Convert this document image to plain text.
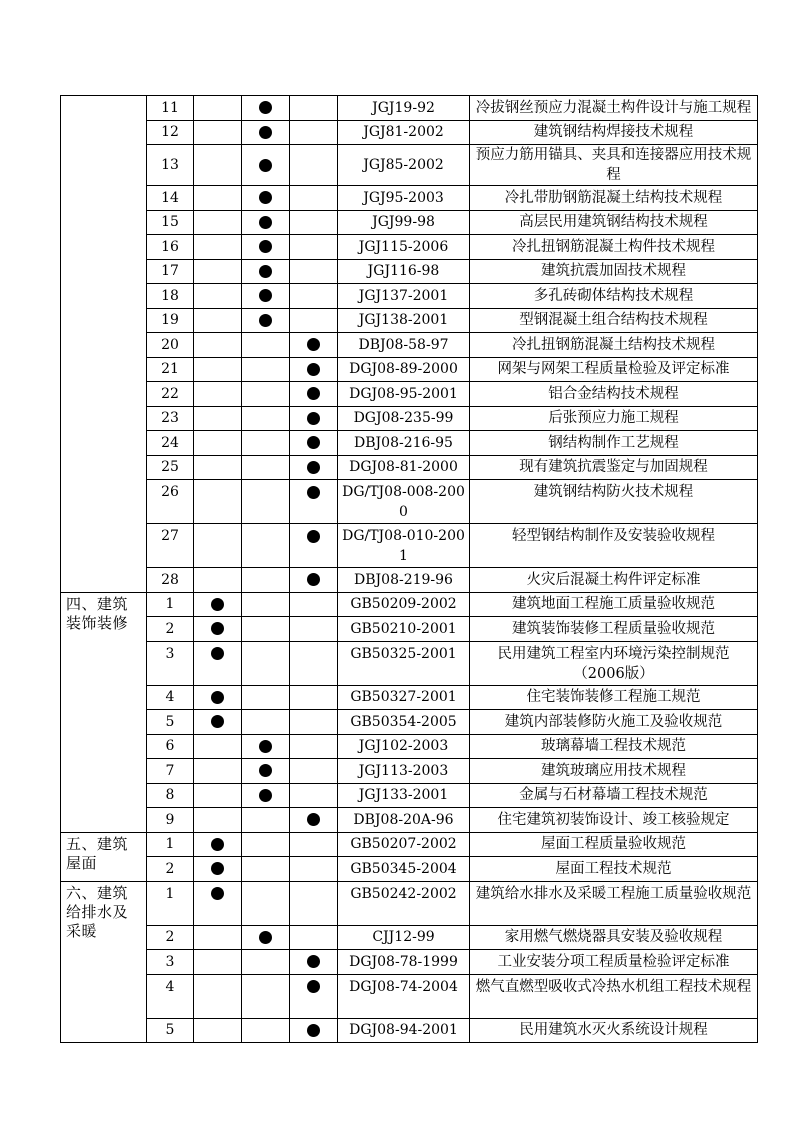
	11				JGJ19-92	冷拔钢丝预应力混凝土构件设计与施工规程
	12				JGJ81-2002	建筑钢结构焊接技术规程
	13				JGJ85-2002	预应力筋用锚具、夹具和连接器应用技术规程
	14				JGJ95-2003	冷扎带肋钢筋混凝土结构技术规程
	15				JGJ99-98	高层民用建筑钢结构技术规程
	16				JGJ115-2006	冷扎扭钢筋混凝土构件技术规程
	17				JGJ116-98	建筑抗震加固技术规程
	18				JGJ137-2001	多孔砖砌体结构技术规程
	19				JGJ138-2001	型钢混凝土组合结构技术规程
	20				DBJ08-58-97	冷扎扭钢筋混凝土结构技术规程
	21				DGJ08-89-2000	网架与网架工程质量检验及评定标准
	22				DGJ08-95-2001	铝合金结构技术规程
	23				DGJ08-235-99	后张预应力施工规程
	24				DBJ08-216-95	钢结构制作工艺规程
	25				DGJ08-81-2000	现有建筑抗震鉴定与加固规程
	26				DG/TJ08-008-2000	建筑钢结构防火技术规程
	27				DG/TJ08-010-2001	轻型钢结构制作及安装验收规程
	28				DBJ08-219-96	火灾后混凝土构件评定标准
四、建筑装饰装修	1				GB50209-2002	建筑地面工程施工质量验收规范
	2				GB50210-2001	建筑装饰装修工程质量验收规范
	3				GB50325-2001	民用建筑工程室内环境污染控制规范（2006版）
	4				GB50327-2001	住宅装饰装修工程施工规范
	5				GB50354-2005	建筑内部装修防火施工及验收规范
	6				JGJ102-2003	玻璃幕墙工程技术规范
	7				JGJ113-2003	建筑玻璃应用技术规程
	8				JGJ133-2001	金属与石材幕墙工程技术规范
	9				DBJ08-20A-96	住宅建筑初装饰设计、竣工核验规定
五、建筑屋面	1				GB50207-2002	屋面工程质量验收规范
	2				GB50345-2004	屋面工程技术规范
六、建筑给排水及采暖	1				GB50242-2002	建筑给水排水及采暖工程施工质量验收规范
	2				CJJ12-99	家用燃气燃烧器具安装及验收规程
	3				DGJ08-78-1999	工业安装分项工程质量检验评定标准
	4				DGJ08-74-2004	燃气直燃型吸收式冷热水机组工程技术规程
	5				DGJ08-94-2001	民用建筑水灭火系统设计规程
